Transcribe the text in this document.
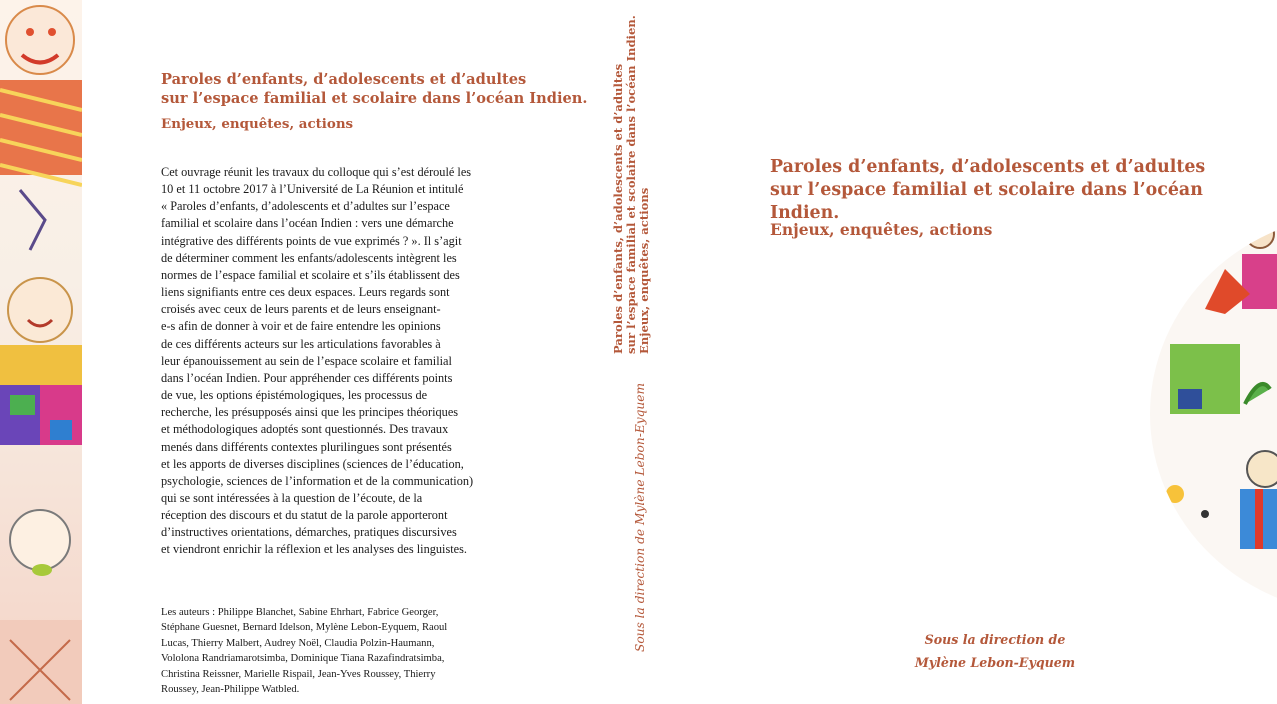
Paroles d’enfants, d’adolescents et d’adultes
sur l’espace familial et scolaire dans l’océan Indien.
Enjeux, enquêtes, actions
Cet ouvrage réunit les travaux du colloque qui s’est déroulé les
10 et 11 octobre 2017 à l’Université de La Réunion et intitulé
« Paroles d’enfants, d’adolescents et d’adultes sur l’espace
familial et scolaire dans l’océan Indien : vers une démarche
intégrative des différents points de vue exprimés ? ». Il s’agit
de déterminer comment les enfants/adolescents intègrent les
normes de l’espace familial et scolaire et s’ils établissent des
liens signifiants entre ces deux espaces. Leurs regards sont
croisés avec ceux de leurs parents et de leurs enseignant-
e-s afin de donner à voir et de faire entendre les opinions
de ces différents acteurs sur les articulations favorables à
leur épanouissement au sein de l’espace scolaire et familial
dans l’océan Indien. Pour appréhender ces différents points
de vue, les options épistémologiques, les processus de
recherche, les présupposés ainsi que les principes théoriques
et méthodologiques adoptés sont questionnés. Des travaux
menés dans différents contextes plurilingues sont présentés
et les apports de diverses disciplines (sciences de l’éducation,
psychologie, sciences de l’information et de la communication)
qui se sont intéressées à la question de l’écoute, de la
réception des discours et du statut de la parole apporteront
d’instructives orientations, démarches, pratiques discursives
et viendront enrichir la réflexion et les analyses des linguistes.
Les auteurs : Philippe Blanchet, Sabine Ehrhart, Fabrice Georger,
Stéphane Guesnet, Bernard Idelson, Mylène Lebon-Eyquem, Raoul
Lucas, Thierry Malbert, Audrey Noël, Claudia Polzin-Haumann,
Vololona Randriamarotsimba, Dominique Tiana Razafindratsimba,
Christina Reissner, Marielle Rispail, Jean-Yves Roussey, Thierry
Roussey, Jean-Philippe Watbled.
Paroles d’enfants, d’adolescents et d’adultes sur l’espace familial et scolaire dans l’océan Indien. Enjeux, enquêtes, actions
Sous la direction de Mylène Lebon-Eyquem
Paroles d’enfants, d’adolescents et d’adultes
sur l’espace familial et scolaire dans l’océan Indien.
Enjeux, enquêtes, actions
Sous la direction de
Mylène Lebon-Eyquem
